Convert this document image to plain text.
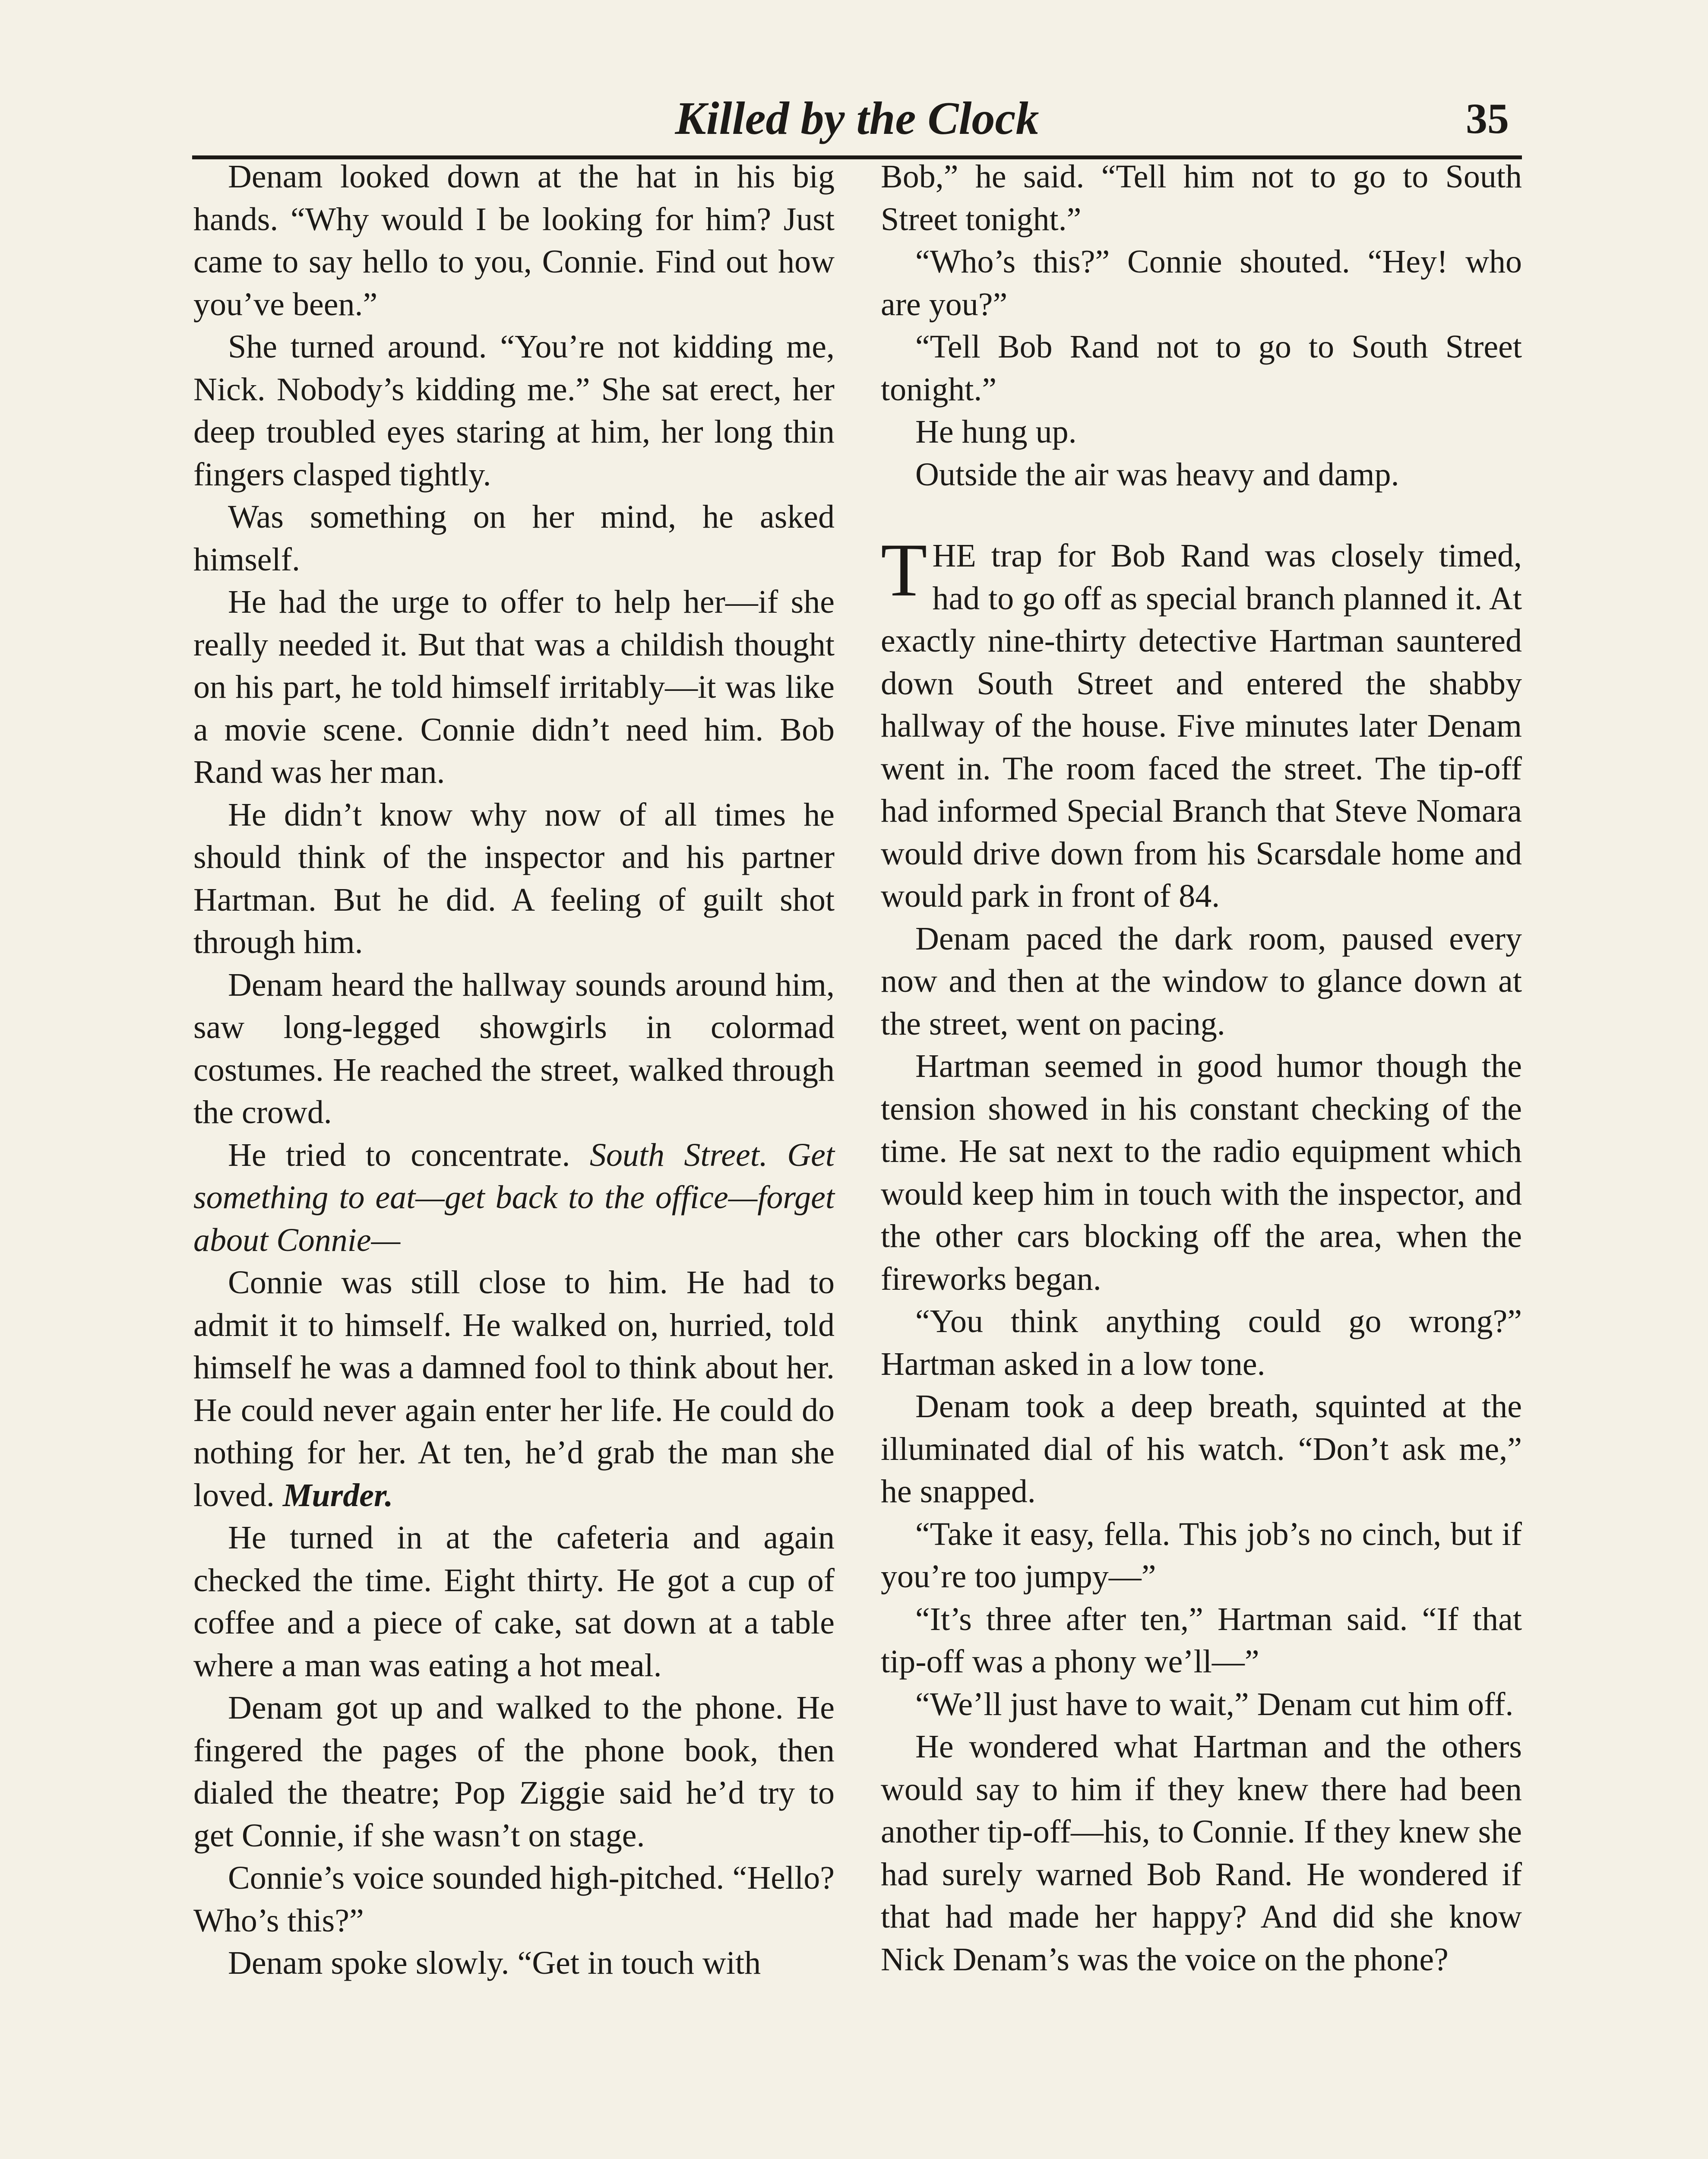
Killed by the Clock	35

Denam looked down at the hat in his big hands. “Why would I be looking for him? Just came to say hello to you, Connie. Find out how you’ve been.”

She turned around. “You’re not kidding me, Nick. Nobody’s kidding me.” She sat erect, her deep troubled eyes staring at him, her long thin fingers clasped tightly.

Was something on her mind, he asked himself.

He had the urge to offer to help her—if she really needed it. But that was a childish thought on his part, he told himself irritably—it was like a movie scene. Connie didn’t need him. Bob Rand was her man.

He didn’t know why now of all times he should think of the inspector and his partner Hartman. But he did. A feeling of guilt shot through him.

Denam heard the hallway sounds around him, saw long-legged showgirls in colormad costumes. He reached the street, walked through the crowd.

He tried to concentrate. South Street. Get something to eat—get back to the office—forget about Connie—

Connie was still close to him. He had to admit it to himself. He walked on, hurried, told himself he was a damned fool to think about her. He could never again enter her life. He could do nothing for her. At ten, he’d grab the man she loved. Murder.

He turned in at the cafeteria and again checked the time. Eight thirty. He got a cup of coffee and a piece of cake, sat down at a table where a man was eating a hot meal.

Denam got up and walked to the phone. He fingered the pages of the phone book, then dialed the theatre; Pop Ziggie said he’d try to get Connie, if she wasn’t on stage.

Connie’s voice sounded high-pitched. “Hello? Who’s this?”

Denam spoke slowly. “Get in touch with

Bob,” he said. “Tell him not to go to South Street tonight.”

“Who’s this?” Connie shouted. “Hey! who are you?”

“Tell Bob Rand not to go to South Street tonight.”

He hung up.

Outside the air was heavy and damp.

THE trap for Bob Rand was closely timed, had to go off as special branch planned it. At exactly nine-thirty detective Hartman sauntered down South Street and entered the shabby hallway of the house. Five minutes later Denam went in. The room faced the street. The tip-off had informed Special Branch that Steve Nomara would drive down from his Scarsdale home and would park in front of 84.

Denam paced the dark room, paused every now and then at the window to glance down at the street, went on pacing.

Hartman seemed in good humor though the tension showed in his constant checking of the time. He sat next to the radio equipment which would keep him in touch with the inspector, and the other cars blocking off the area, when the fireworks began.

“You think anything could go wrong?” Hartman asked in a low tone.

Denam took a deep breath, squinted at the illuminated dial of his watch. “Don’t ask me,” he snapped.

“Take it easy, fella. This job’s no cinch, but if you’re too jumpy—”

“It’s three after ten,” Hartman said. “If that tip-off was a phony we’ll—”

“We’ll just have to wait,” Denam cut him off.

He wondered what Hartman and the others would say to him if they knew there had been another tip-off—his, to Connie. If they knew she had surely warned Bob Rand. He wondered if that had made her happy? And did she know Nick Denam’s was the voice on the phone?
